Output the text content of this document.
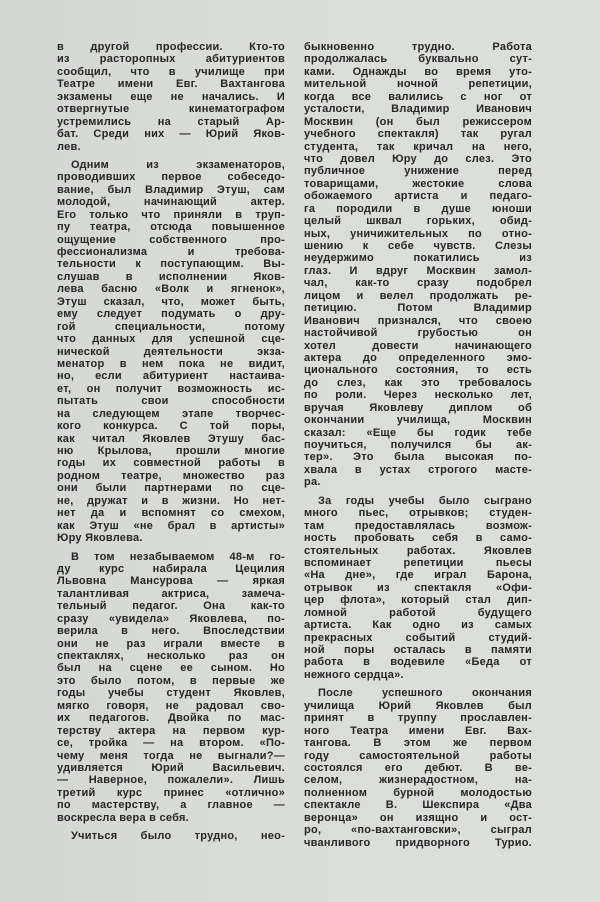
в другой профессии. Кто-то
из расторопных абитуриентов
сообщил, что в училище при
Театре имени Евг. Вахтангова
экзамены еще не начались. И
отвергнутые кинематографом
устремились на старый Ар-
бат. Среди них — Юрий Яков-
лев.
Одним из экзаменаторов,
проводивших первое собеседо-
вание, был Владимир Этуш, сам
молодой, начинающий актер.
Его только что приняли в труп-
пу театра, отсюда повышенное
ощущение собственного про-
фессионализма и требова-
тельности к поступающим. Вы-
слушав в исполнении Яков-
лева басню «Волк и ягненок»,
Этуш сказал, что, может быть,
ему следует подумать о дру-
гой специальности, потому
что данных для успешной сце-
нической деятельности экза-
менатор в нем пока не видит,
но, если абитуриент настаива-
ет, он получит возможность ис-
пытать свои способности
на следующем этапе творчес-
кого конкурса. С той поры,
как читал Яковлев Этушу бас-
ню Крылова, прошли многие
годы их совместной работы в
родном театре, множество раз
они были партнерами по сце-
не, дружат и в жизни. Но нет-
нет да и вспомнят со смехом,
как Этуш «не брал в артисты»
Юру Яковлева.
В том незабываемом 48-м го-
ду курс набирала Цецилия
Львовна Мансурова — яркая
талантливая актриса, замеча-
тельный педагог. Она как-то
сразу «увидела» Яковлева, по-
верила в него. Впоследствии
они не раз играли вместе в
спектаклях, несколько раз он
был на сцене ее сыном. Но
это было потом, в первые же
годы учебы студент Яковлев,
мягко говоря, не радовал сво-
их педагогов. Двойка по мас-
терству актера на первом кур-
се, тройка — на втором. «По-
чему меня тогда не выгнали?—
удивляется Юрий Васильевич.
— Наверное, пожалели». Лишь
третий курс принес «отлично»
по мастерству, а главное —
воскресла вера в себя.
Учиться было трудно, нео-
быкновенно трудно. Работа
продолжалась буквально сут-
ками. Однажды во время уто-
мительной ночной репетиции,
когда все валились с ног от
усталости, Владимир Иванович
Москвин (он был режиссером
учебного спектакля) так ругал
студента, так кричал на него,
что довел Юру до слез. Это
публичное унижение перед
товарищами, жестокие слова
обожаемого артиста и педаго-
га породили в душе юноши
целый шквал горьких, обид-
ных, уничижительных по отно-
шению к себе чувств. Слезы
неудержимо покатились из
глаз. И вдруг Москвин замол-
чал, как-то сразу подобрел
лицом и велел продолжать ре-
петицию. Потом Владимир
Иванович признался, что своею
настойчивой грубостью он
хотел довести начинающего
актера до определенного эмо-
ционального состояния, то есть
до слез, как это требовалось
по роли. Через несколько лет,
вручая Яковлеву диплом об
окончании училища, Москвин
сказал: «Еще бы годик тебе
поучиться, получился бы ак-
тер». Это была высокая по-
хвала в устах строгого масте-
ра.
За годы учебы было сыграно
много пьес, отрывков; студен-
там предоставлялась возмож-
ность пробовать себя в само-
стоятельных работах. Яковлев
вспоминает репетиции пьесы
«На дне», где играл Барона,
отрывок из спектакля «Офи-
цер флота», который стал дип-
ломной работой будущего
артиста. Как одно из самых
прекрасных событий студий-
ной поры осталась в памяти
работа в водевиле «Беда от
нежного сердца».
После успешного окончания
училища Юрий Яковлев был
принят в труппу прославлен-
ного Театра имени Евг. Вах-
тангова. В этом же первом
году самостоятельной работы
состоялся его дебют. В ве-
селом, жизнерадостном, на-
полненном бурной молодостью
спектакле В. Шекспира «Два
веронца» он изящно и ост-
ро, «по-вахтанговски», сыграл
чванливого придворного Турио.
